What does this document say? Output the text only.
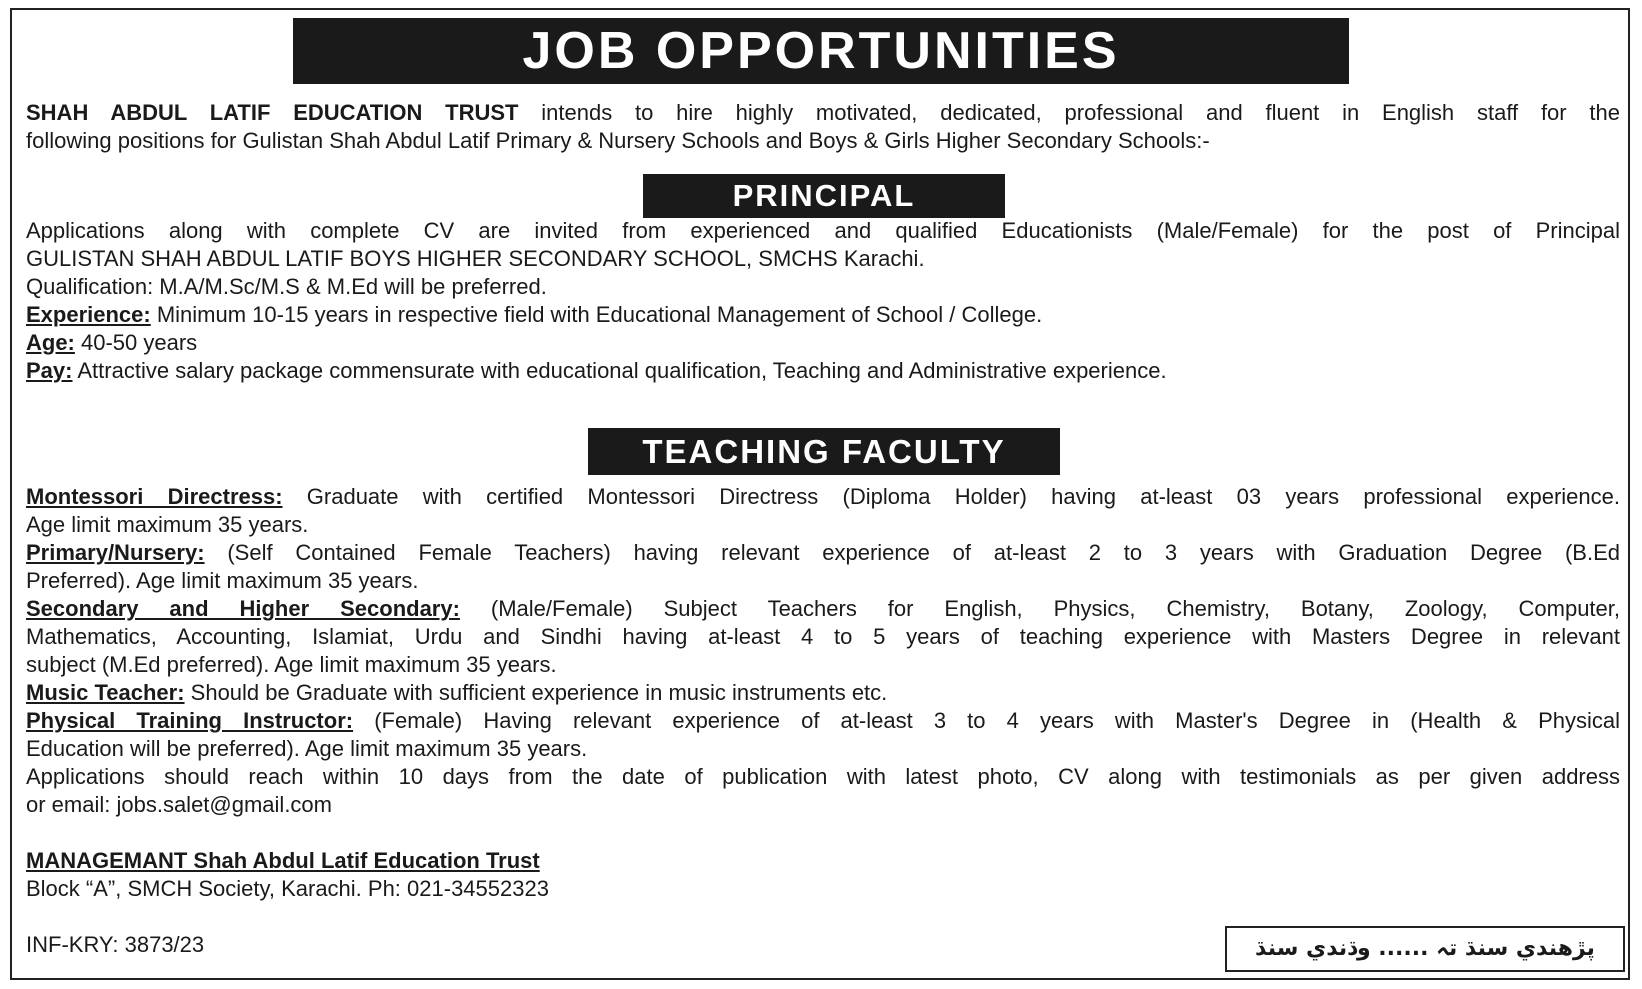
JOB OPPORTUNITIES
SHAH ABDUL LATIF EDUCATION TRUST intends to hire highly motivated, dedicated, professional and fluent in English staff for the
following positions for Gulistan Shah Abdul Latif Primary & Nursery Schools and Boys & Girls Higher Secondary Schools:-
PRINCIPAL
Applications along with complete CV are invited from experienced and qualified Educationists (Male/Female) for the post of Principal
GULISTAN SHAH ABDUL LATIF BOYS HIGHER SECONDARY SCHOOL, SMCHS Karachi.
Qualification: M.A/M.Sc/M.S & M.Ed will be preferred.
Experience: Minimum 10-15 years in respective field with Educational Management of School / College.
Age: 40-50 years
Pay: Attractive salary package commensurate with educational qualification, Teaching and Administrative experience.
TEACHING FACULTY
Montessori Directress: Graduate with certified Montessori Directress (Diploma Holder) having at-least 03 years professional experience.
Age limit maximum 35 years.
Primary/Nursery: (Self Contained Female Teachers) having relevant experience of at-least 2 to 3 years with Graduation Degree (B.Ed
Preferred). Age limit maximum 35 years.
Secondary and Higher Secondary: (Male/Female) Subject Teachers for English, Physics, Chemistry, Botany, Zoology, Computer,
Mathematics, Accounting, Islamiat, Urdu and Sindhi having at-least 4 to 5 years of teaching experience with Masters Degree in relevant
subject (M.Ed preferred). Age limit maximum 35 years.
Music Teacher: Should be Graduate with sufficient experience in music instruments etc.
Physical Training Instructor: (Female) Having relevant experience of at-least 3 to 4 years with Master's Degree in (Health & Physical
Education will be preferred). Age limit maximum 35 years.
Applications should reach within 10 days from the date of publication with latest photo, CV along with testimonials as per given address
or email: jobs.salet@gmail.com
MANAGEMANT Shah Abdul Latif Education Trust
Block “A”, SMCH Society, Karachi. Ph: 021-34552323
INF-KRY: 3873/23	پڙهندي سنڌ تہ ...... وڌندي سنڌ
